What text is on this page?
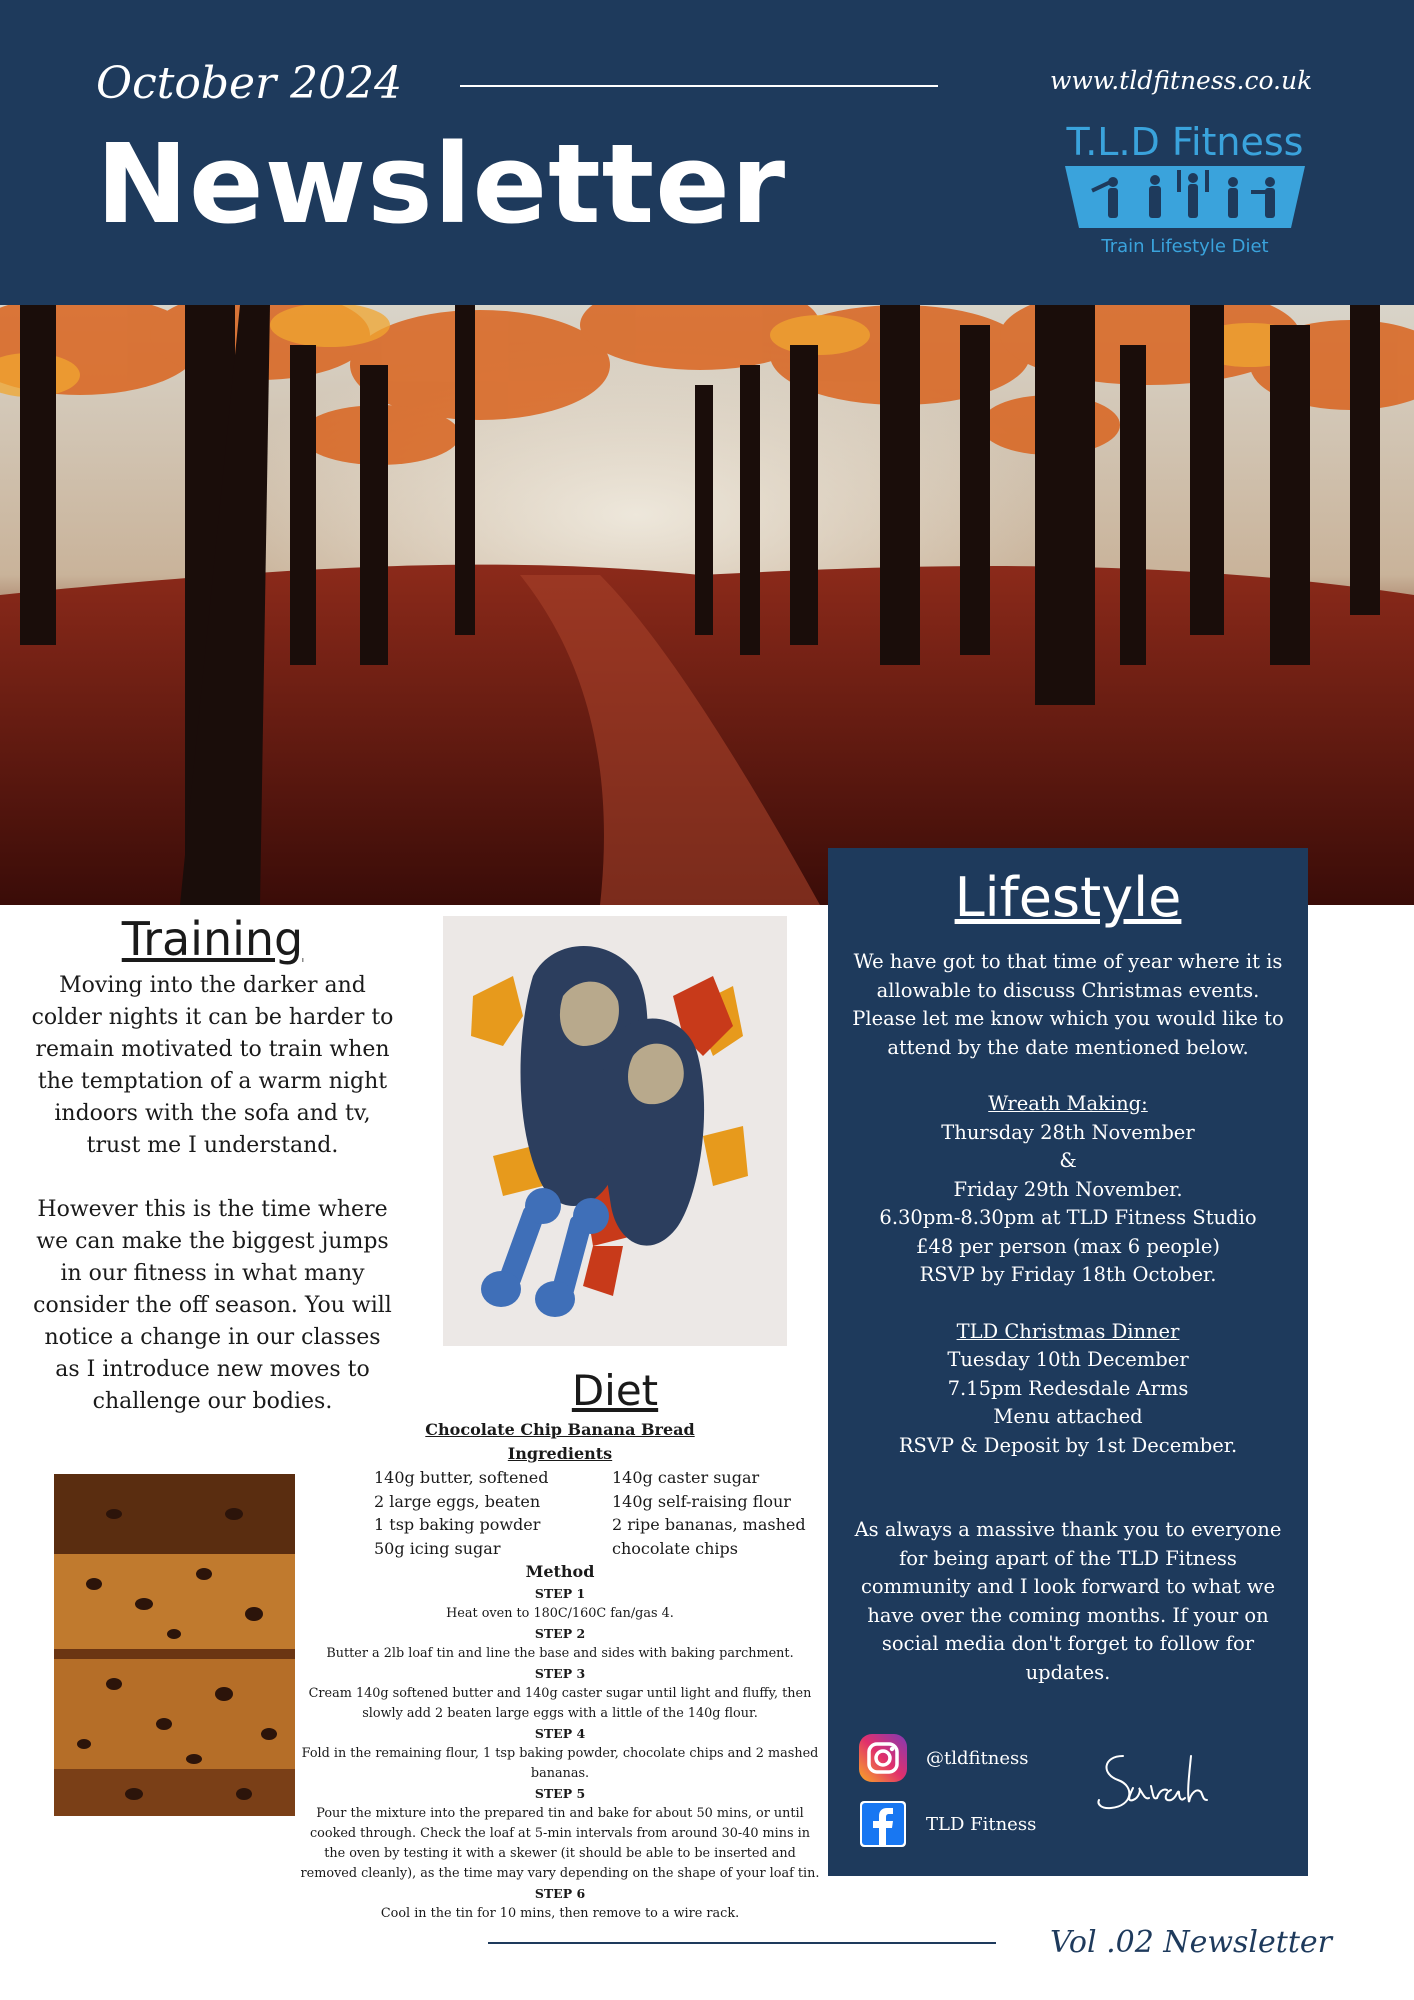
October 2024
Newsletter
www.tldfitness.co.uk
T.L.D Fitness
Train Lifestyle Diet
Training

Moving into the darker and colder nights it can be harder to remain motivated to train when the temptation of a warm night indoors with the sofa and tv, trust me I understand.

However this is the time where we can make the biggest jumps in our fitness in what many consider the off season. You will notice a change in our classes as I introduce new moves to challenge our bodies.

Lifestyle

We have got to that time of year where it is allowable to discuss Christmas events. Please let me know which you would like to attend by the date mentioned below.

Wreath Making:

Thursday 28th November

&

Friday 29th November.

6.30pm-8.30pm at TLD Fitness Studio

£48 per person (max 6 people)

RSVP by Friday 18th October.

TLD Christmas Dinner

Tuesday 10th December

7.15pm Redesdale Arms

Menu attached

RSVP & Deposit by 1st December.

As always a massive thank you to everyone for being apart of the TLD Fitness community and I look forward to what we have over the coming months. If your on social media don't forget to follow for updates.

@tldfitness
TLD Fitness
Diet
Chocolate Chip Banana Bread
Ingredients
140g butter, softened
2 large eggs, beaten
1 tsp baking powder
50g icing sugar
140g caster sugar
140g self-raising flour
2 ripe bananas, mashed
chocolate chips

Method

STEP 1

Heat oven to 180C/160C fan/gas 4.

STEP 2

Butter a 2lb loaf tin and line the base and sides with baking parchment.

STEP 3

Cream 140g softened butter and 140g caster sugar until light and fluffy, then slowly add 2 beaten large eggs with a little of the 140g flour.

STEP 4

Fold in the remaining flour, 1 tsp baking powder, chocolate chips and 2 mashed bananas.

STEP 5

Pour the mixture into the prepared tin and bake for about 50 mins, or until cooked through. Check the loaf at 5-min intervals from around 30-40 mins in the oven by testing it with a skewer (it should be able to be inserted and removed cleanly), as the time may vary depending on the shape of your loaf tin.

STEP 6

Cool in the tin for 10 mins, then remove to a wire rack.

Vol .02 Newsletter
